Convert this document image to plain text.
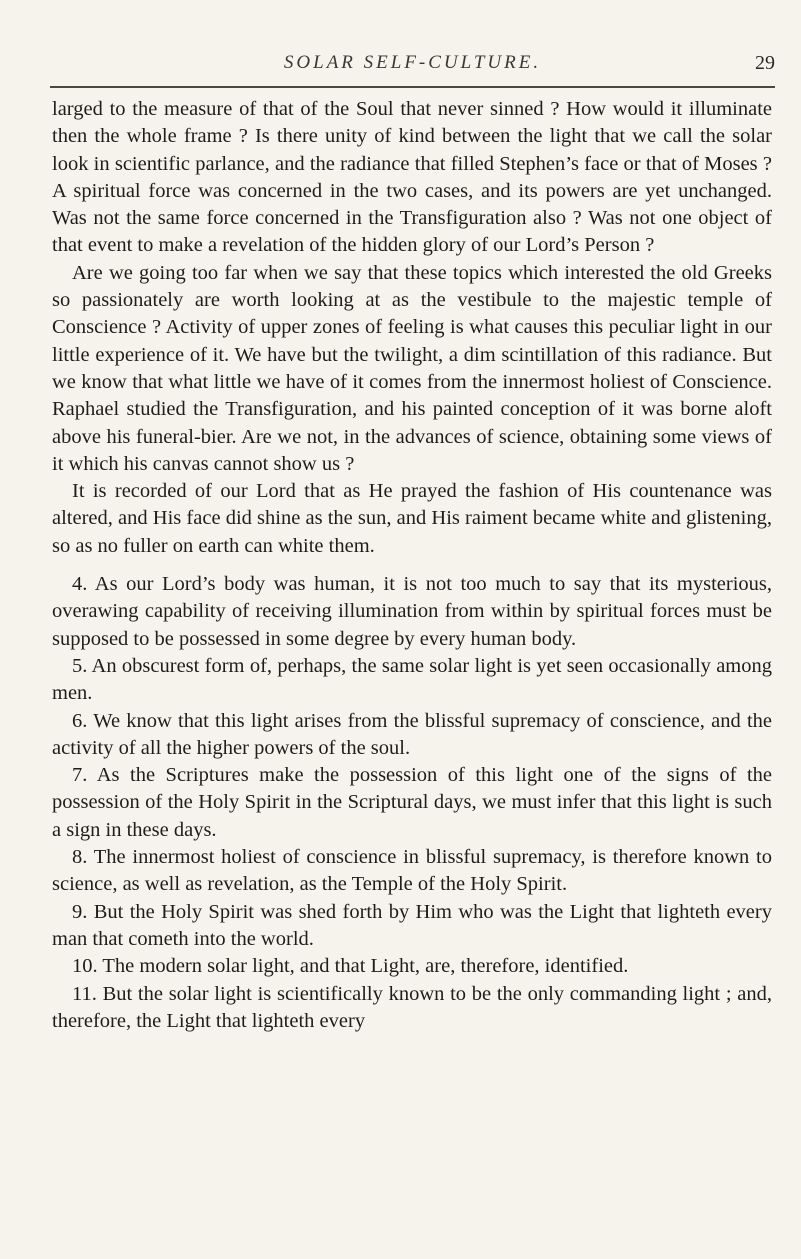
SOLAR SELF-CULTURE.	29

larged to the measure of that of the Soul that never sinned ? How would it illuminate then the whole frame ? Is there unity of kind between the light that we call the solar look in scientific parlance, and the radiance that filled Stephen’s face or that of Moses ? A spiritual force was concerned in the two cases, and its powers are yet unchanged. Was not the same force concerned in the Transfiguration also ? Was not one object of that event to make a revelation of the hidden glory of our Lord’s Person ?

Are we going too far when we say that these topics which interested the old Greeks so passionately are worth looking at as the vestibule to the majestic temple of Conscience ? Activity of upper zones of feeling is what causes this peculiar light in our little experience of it. We have but the twilight, a dim scintillation of this radiance. But we know that what little we have of it comes from the innermost holiest of Conscience. Raphael studied the Transfiguration, and his painted conception of it was borne aloft above his funeral-bier. Are we not, in the advances of science, obtaining some views of it which his canvas cannot show us ?

It is recorded of our Lord that as He prayed the fashion of His countenance was altered, and His face did shine as the sun, and His raiment became white and glistening, so as no fuller on earth can white them.

4. As our Lord’s body was human, it is not too much to say that its mysterious, overawing capability of receiving illumination from within by spiritual forces must be supposed to be possessed in some degree by every human body.

5. An obscurest form of, perhaps, the same solar light is yet seen occasionally among men.

6. We know that this light arises from the blissful supremacy of conscience, and the activity of all the higher powers of the soul.

7. As the Scriptures make the possession of this light one of the signs of the possession of the Holy Spirit in the Scriptural days, we must infer that this light is such a sign in these days.

8. The innermost holiest of conscience in blissful supremacy, is therefore known to science, as well as revelation, as the Temple of the Holy Spirit.

9. But the Holy Spirit was shed forth by Him who was the Light that lighteth every man that cometh into the world.

10. The modern solar light, and that Light, are, therefore, identified.

11. But the solar light is scientifically known to be the only commanding light ; and, therefore, the Light that lighteth every
